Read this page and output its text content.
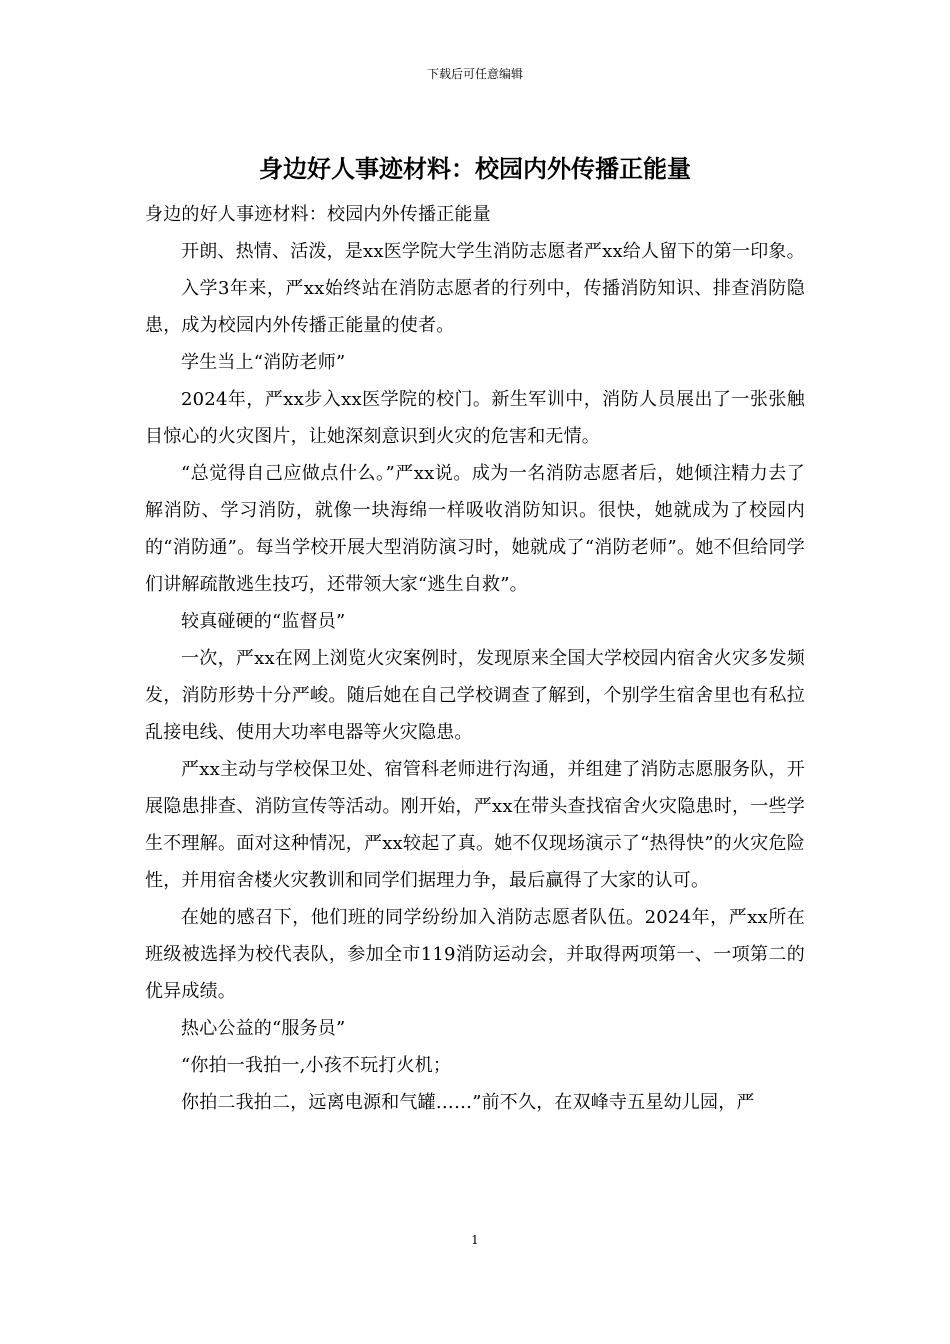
下载后可任意编辑
身边好人事迹材料：校园内外传播正能量

身边的好人事迹材料：校园内外传播正能量

开朗、热情、活泼，是xx医学院大学生消防志愿者严xx给人留下的第一印象。

入学3年来，严xx始终站在消防志愿者的行列中，传播消防知识、排查消防隐患，成为校园内外传播正能量的使者。

学生当上“消防老师”

2024年，严xx步入xx医学院的校门。新生军训中，消防人员展出了一张张触目惊心的火灾图片，让她深刻意识到火灾的危害和无情。

“总觉得自己应做点什么。”严xx说。成为一名消防志愿者后，她倾注精力去了解消防、学习消防，就像一块海绵一样吸收消防知识。很快，她就成为了校园内的“消防通”。每当学校开展大型消防演习时，她就成了“消防老师”。她不但给同学们讲解疏散逃生技巧，还带领大家“逃生自救”。

较真碰硬的“监督员”

一次，严xx在网上浏览火灾案例时，发现原来全国大学校园内宿舍火灾多发频发，消防形势十分严峻。随后她在自己学校调查了解到，个别学生宿舍里也有私拉乱接电线、使用大功率电器等火灾隐患。

严xx主动与学校保卫处、宿管科老师进行沟通，并组建了消防志愿服务队，开展隐患排查、消防宣传等活动。刚开始，严xx在带头查找宿舍火灾隐患时，一些学生不理解。面对这种情况，严xx较起了真。她不仅现场演示了“热得快”的火灾危险性，并用宿舍楼火灾教训和同学们据理力争，最后赢得了大家的认可。

在她的感召下，他们班的同学纷纷加入消防志愿者队伍。2024年，严xx所在班级被选择为校代表队，参加全市119消防运动会，并取得两项第一、一项第二的优异成绩。

热心公益的“服务员”

“你拍一我拍一,小孩不玩打火机；

你拍二我拍二，远离电源和气罐……”前不久，在双峰寺五星幼儿园，严

1
